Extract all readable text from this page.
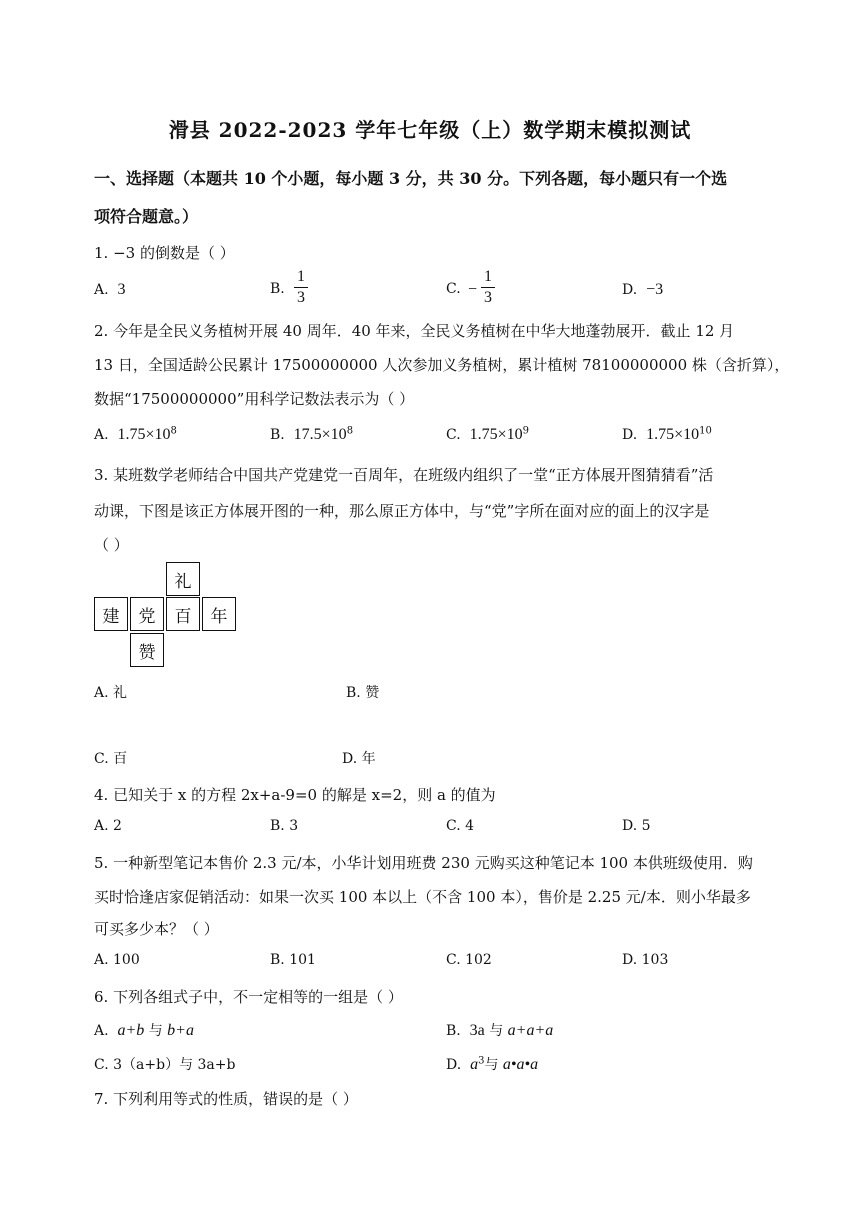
滑县 2022-2023 学年七年级（上）数学期末模拟测试
一、选择题（本题共 10 个小题，每小题 3 分，共 30 分。下列各题，每小题只有一个选
项符合题意。）
1. −3 的倒数是（ ）
A. 3	B.
1
3	C. −
1
3	D. −3
2. 今年是全民义务植树开展 40 周年．40 年来，全民义务植树在中华大地蓬勃展开．截止 12 月
13 日，全国适龄公民累计 17500000000 人次参加义务植树，累计植树 78100000000 株（含折算），
数据“17500000000”用科学记数法表示为（ ）
A. $1.75\times 10^8$	B. $17.5\times 10^8$	C. $1.75\times 10^9$	D. $1.75\times 10^{10}$
3. 某班数学老师结合中国共产党建党一百周年，在班级内组织了一堂“正方体展开图猜猜看”活
动课，下图是该正方体展开图的一种，那么原正方体中，与“党”字所在面对应的面上的汉字是
（ ）
礼
建	党	百	年
赞
A. 礼	B. 赞
C. 百	D. 年
4. 已知关于 x 的方程 2x+a-9=0 的解是 x=2，则 a 的值为
A. 2	B. 3	C. 4	D. 5
5. 一种新型笔记本售价 2.3 元/本，小华计划用班费 230 元购买这种笔记本 100 本供班级使用．购
买时恰逢店家促销活动：如果一次买 100 本以上（不含 100 本），售价是 2.25 元/本．则小华最多
可买多少本？（ ）
A. 100	B. 101	C. 102	D. 103
6. 下列各组式子中，不一定相等的一组是（ ）
A. a+b 与 b+a	B. 3a 与 a+a+a
C. 3（a+b）与 3a+b	D. $a^3$与 a•a•a
7. 下列利用等式的性质，错误的是（ ）
